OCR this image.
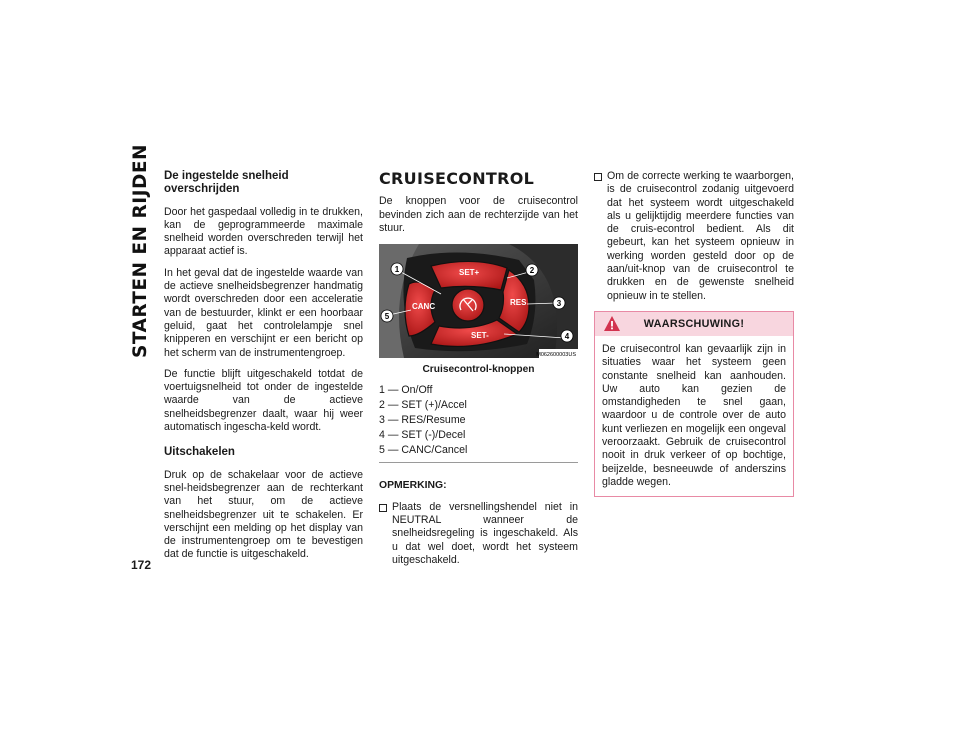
STARTEN EN RIJDEN
172
De ingestelde snelheid overschrijden

Door het gaspedaal volledig in te drukken, kan de geprogrammeerde maximale snelheid worden overschreden terwijl het apparaat actief is.

In het geval dat de ingestelde waarde van de actieve snelheidsbegrenzer handmatig wordt overschreden door een acceleratie van de bestuurder, klinkt er een hoorbaar geluid, gaat het controlelampje snel knipperen en verschijnt er een bericht op het scherm van de instrumentengroep.

De functie blijft uitgeschakeld totdat de voertuigsnelheid tot onder de ingestelde waarde van de actieve snelheidsbegrenzer daalt, waar hij weer automatisch ingescha-keld wordt.

Uitschakelen

Druk op de schakelaar voor de actieve snel-heidsbegrenzer aan de rechterkant van het stuur, om de actieve snelheidsbegrenzer uit te schakelen. Er verschijnt een melding op het display van de instrumentengroep om te bevestigen dat de functie is uitgeschakeld.

CRUISECONTROL

De knoppen voor de cruisecontrol bevinden zich aan de rechterzijde van het stuur.

SET+
RES
CANC
SET-
1	2
3
4
5
M062600003US
Cruisecontrol-knoppen

1 — On/Off

2 — SET (+)/Accel

3 — RES/Resume

4 — SET (-)/Decel

5 — CANC/Cancel

OPMERKING:
Plaats de versnellingshendel niet in NEUTRAL wanneer de snelheidsregeling is ingeschakeld. Als u dat wel doet, wordt het systeem uitgeschakeld.
Om de correcte werking te waarborgen, is de cruisecontrol zodanig uitgevoerd dat het systeem wordt uitgeschakeld als u gelijktijdig meerdere functies van de cruis-econtrol bedient. Als dit gebeurt, kan het systeem opnieuw in werking worden gesteld door op de aan/uit-knop van de cruisecontrol te drukken en de gewenste snelheid opnieuw in te stellen.
WAARSCHUWING!

De cruisecontrol kan gevaarlijk zijn in situaties waar het systeem geen constante snelheid kan aanhouden. Uw auto kan gezien de omstandigheden te snel gaan, waardoor u de controle over de auto kunt verliezen en mogelijk een ongeval veroorzaakt. Gebruik de cruisecontrol nooit in druk verkeer of op bochtige, beijzelde, besneeuwde of anderszins gladde wegen.
